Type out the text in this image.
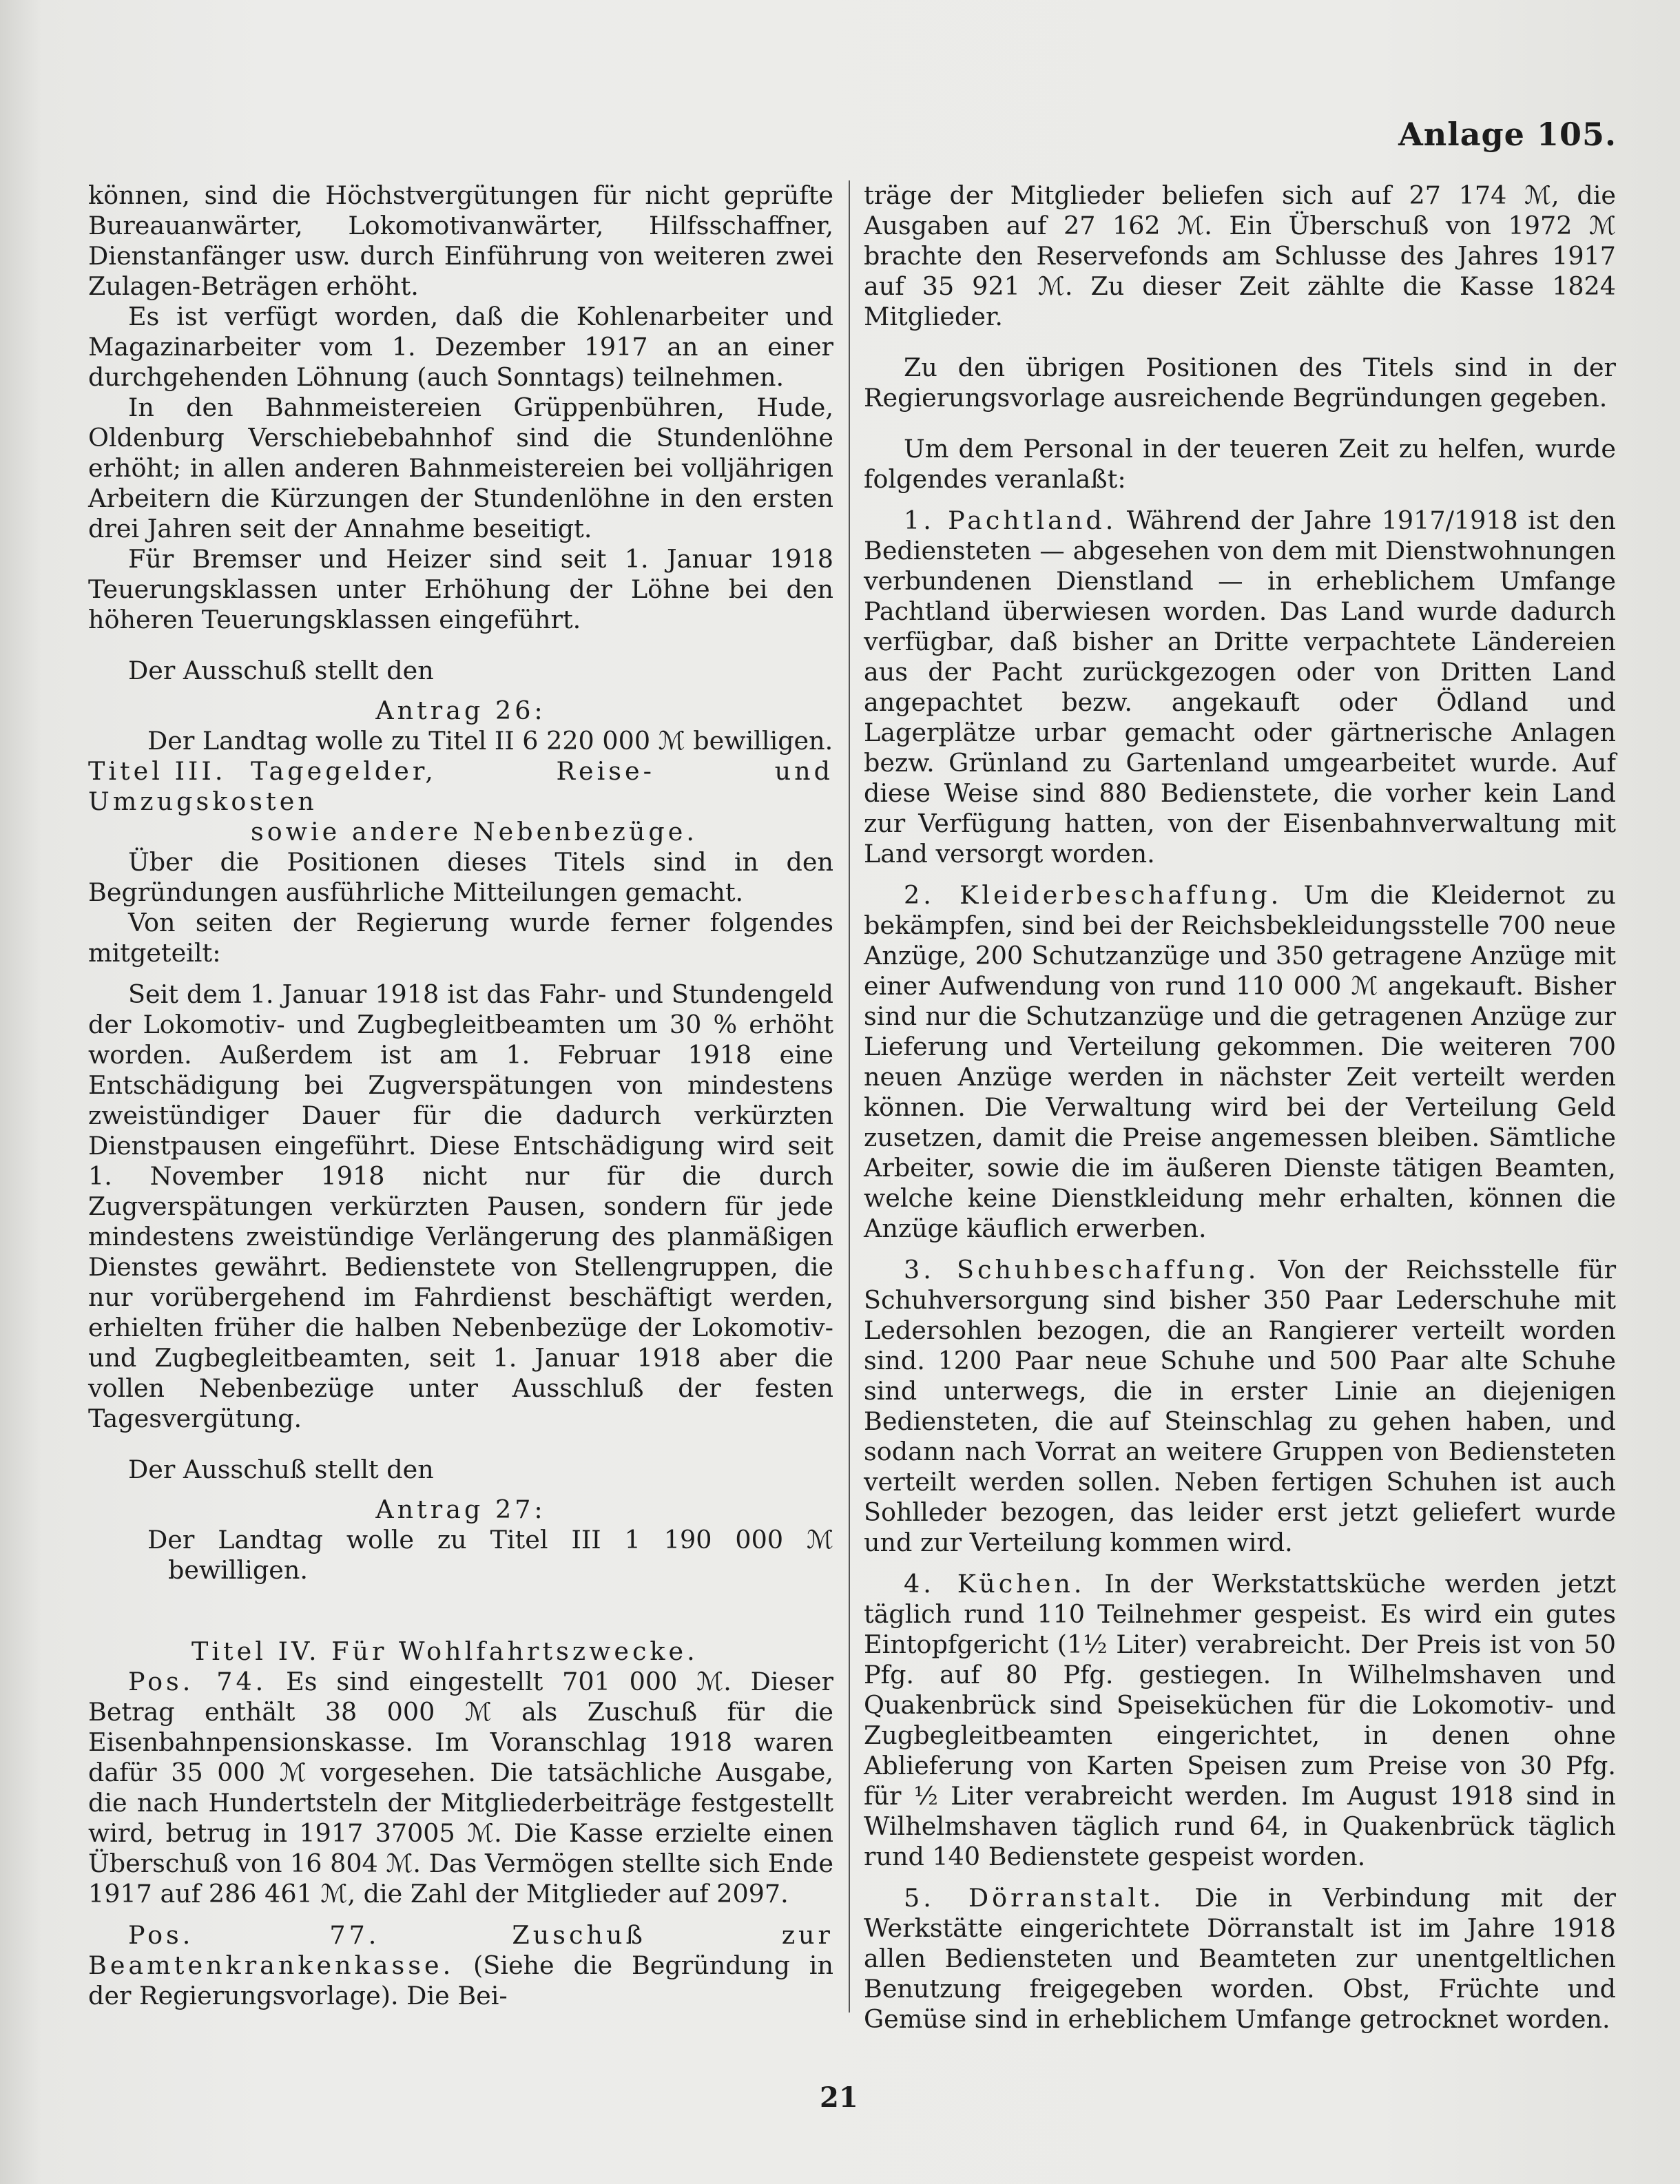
Anlage 105.

können, sind die Höchstvergütungen für nicht geprüfte Bureauanwärter, Lokomotivanwärter, Hilfsschaffner, Dienstanfänger usw. durch Einführung von weiteren zwei Zulagen-Beträgen erhöht.

Es ist verfügt worden, daß die Kohlenarbeiter und Magazinarbeiter vom 1. Dezember 1917 an an einer durchgehenden Löhnung (auch Sonntags) teilnehmen.

In den Bahnmeistereien Grüppenbühren, Hude, Oldenburg Verschiebebahnhof sind die Stundenlöhne erhöht; in allen anderen Bahnmeistereien bei volljährigen Arbeitern die Kürzungen der Stundenlöhne in den ersten drei Jahren seit der Annahme beseitigt.

Für Bremser und Heizer sind seit 1. Januar 1918 Teuerungsklassen unter Erhöhung der Löhne bei den höheren Teuerungsklassen eingeführt.

Der Ausschuß stellt den

Antrag 26:

Der Landtag wolle zu Titel II 6 220 000 ℳ bewilligen.

Titel III. Tagegelder, Reise- und Umzugskosten

sowie andere Nebenbezüge.

Über die Positionen dieses Titels sind in den Begründungen ausführliche Mitteilungen gemacht.

Von seiten der Regierung wurde ferner folgendes mitgeteilt:

Seit dem 1. Januar 1918 ist das Fahr- und Stundengeld der Lokomotiv- und Zugbegleitbeamten um 30 % erhöht worden. Außerdem ist am 1. Februar 1918 eine Entschädigung bei Zugverspätungen von mindestens zweistündiger Dauer für die dadurch verkürzten Dienstpausen eingeführt. Diese Entschädigung wird seit 1. November 1918 nicht nur für die durch Zugverspätungen verkürzten Pausen, sondern für jede mindestens zweistündige Verlängerung des planmäßigen Dienstes gewährt. Bedienstete von Stellengruppen, die nur vorübergehend im Fahrdienst beschäftigt werden, erhielten früher die halben Nebenbezüge der Lokomotiv- und Zugbegleitbeamten, seit 1. Januar 1918 aber die vollen Nebenbezüge unter Ausschluß der festen Tagesvergütung.

Der Ausschuß stellt den

Antrag 27:

Der Landtag wolle zu Titel III 1 190 000 ℳ bewilligen.

Titel IV. Für Wohlfahrtszwecke.

Pos. 74. Es sind eingestellt 701 000 ℳ. Dieser Betrag enthält 38 000 ℳ als Zuschuß für die Eisenbahnpensionskasse. Im Voranschlag 1918 waren dafür 35 000 ℳ vorgesehen. Die tatsächliche Ausgabe, die nach Hundertsteln der Mitgliederbeiträge festgestellt wird, betrug in 1917 37005 ℳ. Die Kasse erzielte einen Überschuß von 16 804 ℳ. Das Vermögen stellte sich Ende 1917 auf 286 461 ℳ, die Zahl der Mitglieder auf 2097.

Pos. 77.	Zuschuß zur Beamtenkrankenkasse. (Siehe die Begründung in der Regierungsvorlage). Die Bei-

träge der Mitglieder beliefen sich auf 27 174 ℳ, die Ausgaben auf 27 162 ℳ. Ein Überschuß von 1972 ℳ brachte den Reservefonds am Schlusse des Jahres 1917 auf 35 921 ℳ. Zu dieser Zeit zählte die Kasse 1824 Mitglieder.

Zu den übrigen Positionen des Titels sind in der Regierungsvorlage ausreichende Begründungen gegeben.

Um dem Personal in der teueren Zeit zu helfen, wurde folgendes veranlaßt:

1. Pachtland. Während der Jahre 1917/1918 ist den Bediensteten — abgesehen von dem mit Dienstwohnungen verbundenen Dienstland — in erheblichem Umfange Pachtland überwiesen worden. Das Land wurde dadurch verfügbar, daß bisher an Dritte verpachtete Ländereien aus der Pacht zurückgezogen oder von Dritten Land angepachtet bezw. angekauft oder Ödland und Lagerplätze urbar gemacht oder gärtnerische Anlagen bezw. Grünland zu Gartenland umgearbeitet wurde. Auf diese Weise sind 880 Bedienstete, die vorher kein Land zur Verfügung hatten, von der Eisenbahnverwaltung mit Land versorgt worden.

2. Kleiderbeschaffung. Um die Kleidernot zu bekämpfen, sind bei der Reichsbekleidungsstelle 700 neue Anzüge, 200 Schutzanzüge und 350 getragene Anzüge mit einer Aufwendung von rund 110 000 ℳ angekauft. Bisher sind nur die Schutzanzüge und die getragenen Anzüge zur Lieferung und Verteilung gekommen. Die weiteren 700 neuen Anzüge werden in nächster Zeit verteilt werden können. Die Verwaltung wird bei der Verteilung Geld zusetzen, damit die Preise angemessen bleiben. Sämtliche Arbeiter, sowie die im äußeren Dienste tätigen Beamten, welche keine Dienstkleidung mehr erhalten, können die Anzüge käuflich erwerben.

3. Schuhbeschaffung. Von der Reichsstelle für Schuhversorgung sind bisher 350 Paar Lederschuhe mit Ledersohlen bezogen, die an Rangierer verteilt worden sind. 1200 Paar neue Schuhe und 500 Paar alte Schuhe sind unterwegs, die in erster Linie an diejenigen Bediensteten, die auf Steinschlag zu gehen haben, und sodann nach Vorrat an weitere Gruppen von Bediensteten verteilt werden sollen. Neben fertigen Schuhen ist auch Sohlleder bezogen, das leider erst jetzt geliefert wurde und zur Verteilung kommen wird.

4. Küchen. In der Werkstattsküche werden jetzt täglich rund 110 Teilnehmer gespeist. Es wird ein gutes Eintopfgericht (1½ Liter) verabreicht. Der Preis ist von 50 Pfg. auf 80 Pfg. gestiegen. In Wilhelmshaven und Quakenbrück sind Speiseküchen für die Lokomotiv- und Zugbegleitbeamten eingerichtet, in denen ohne Ablieferung von Karten Speisen zum Preise von 30 Pfg. für ½ Liter verabreicht werden. Im August 1918 sind in Wilhelmshaven täglich rund 64, in Quakenbrück täglich rund 140 Bedienstete gespeist worden.

5. Dörranstalt. Die in Verbindung mit der Werkstätte eingerichtete Dörranstalt ist im Jahre 1918 allen Bediensteten und Beamteten zur unentgeltlichen Benutzung freigegeben worden. Obst, Früchte und Gemüse sind in erheblichem Umfange getrocknet worden.

21
